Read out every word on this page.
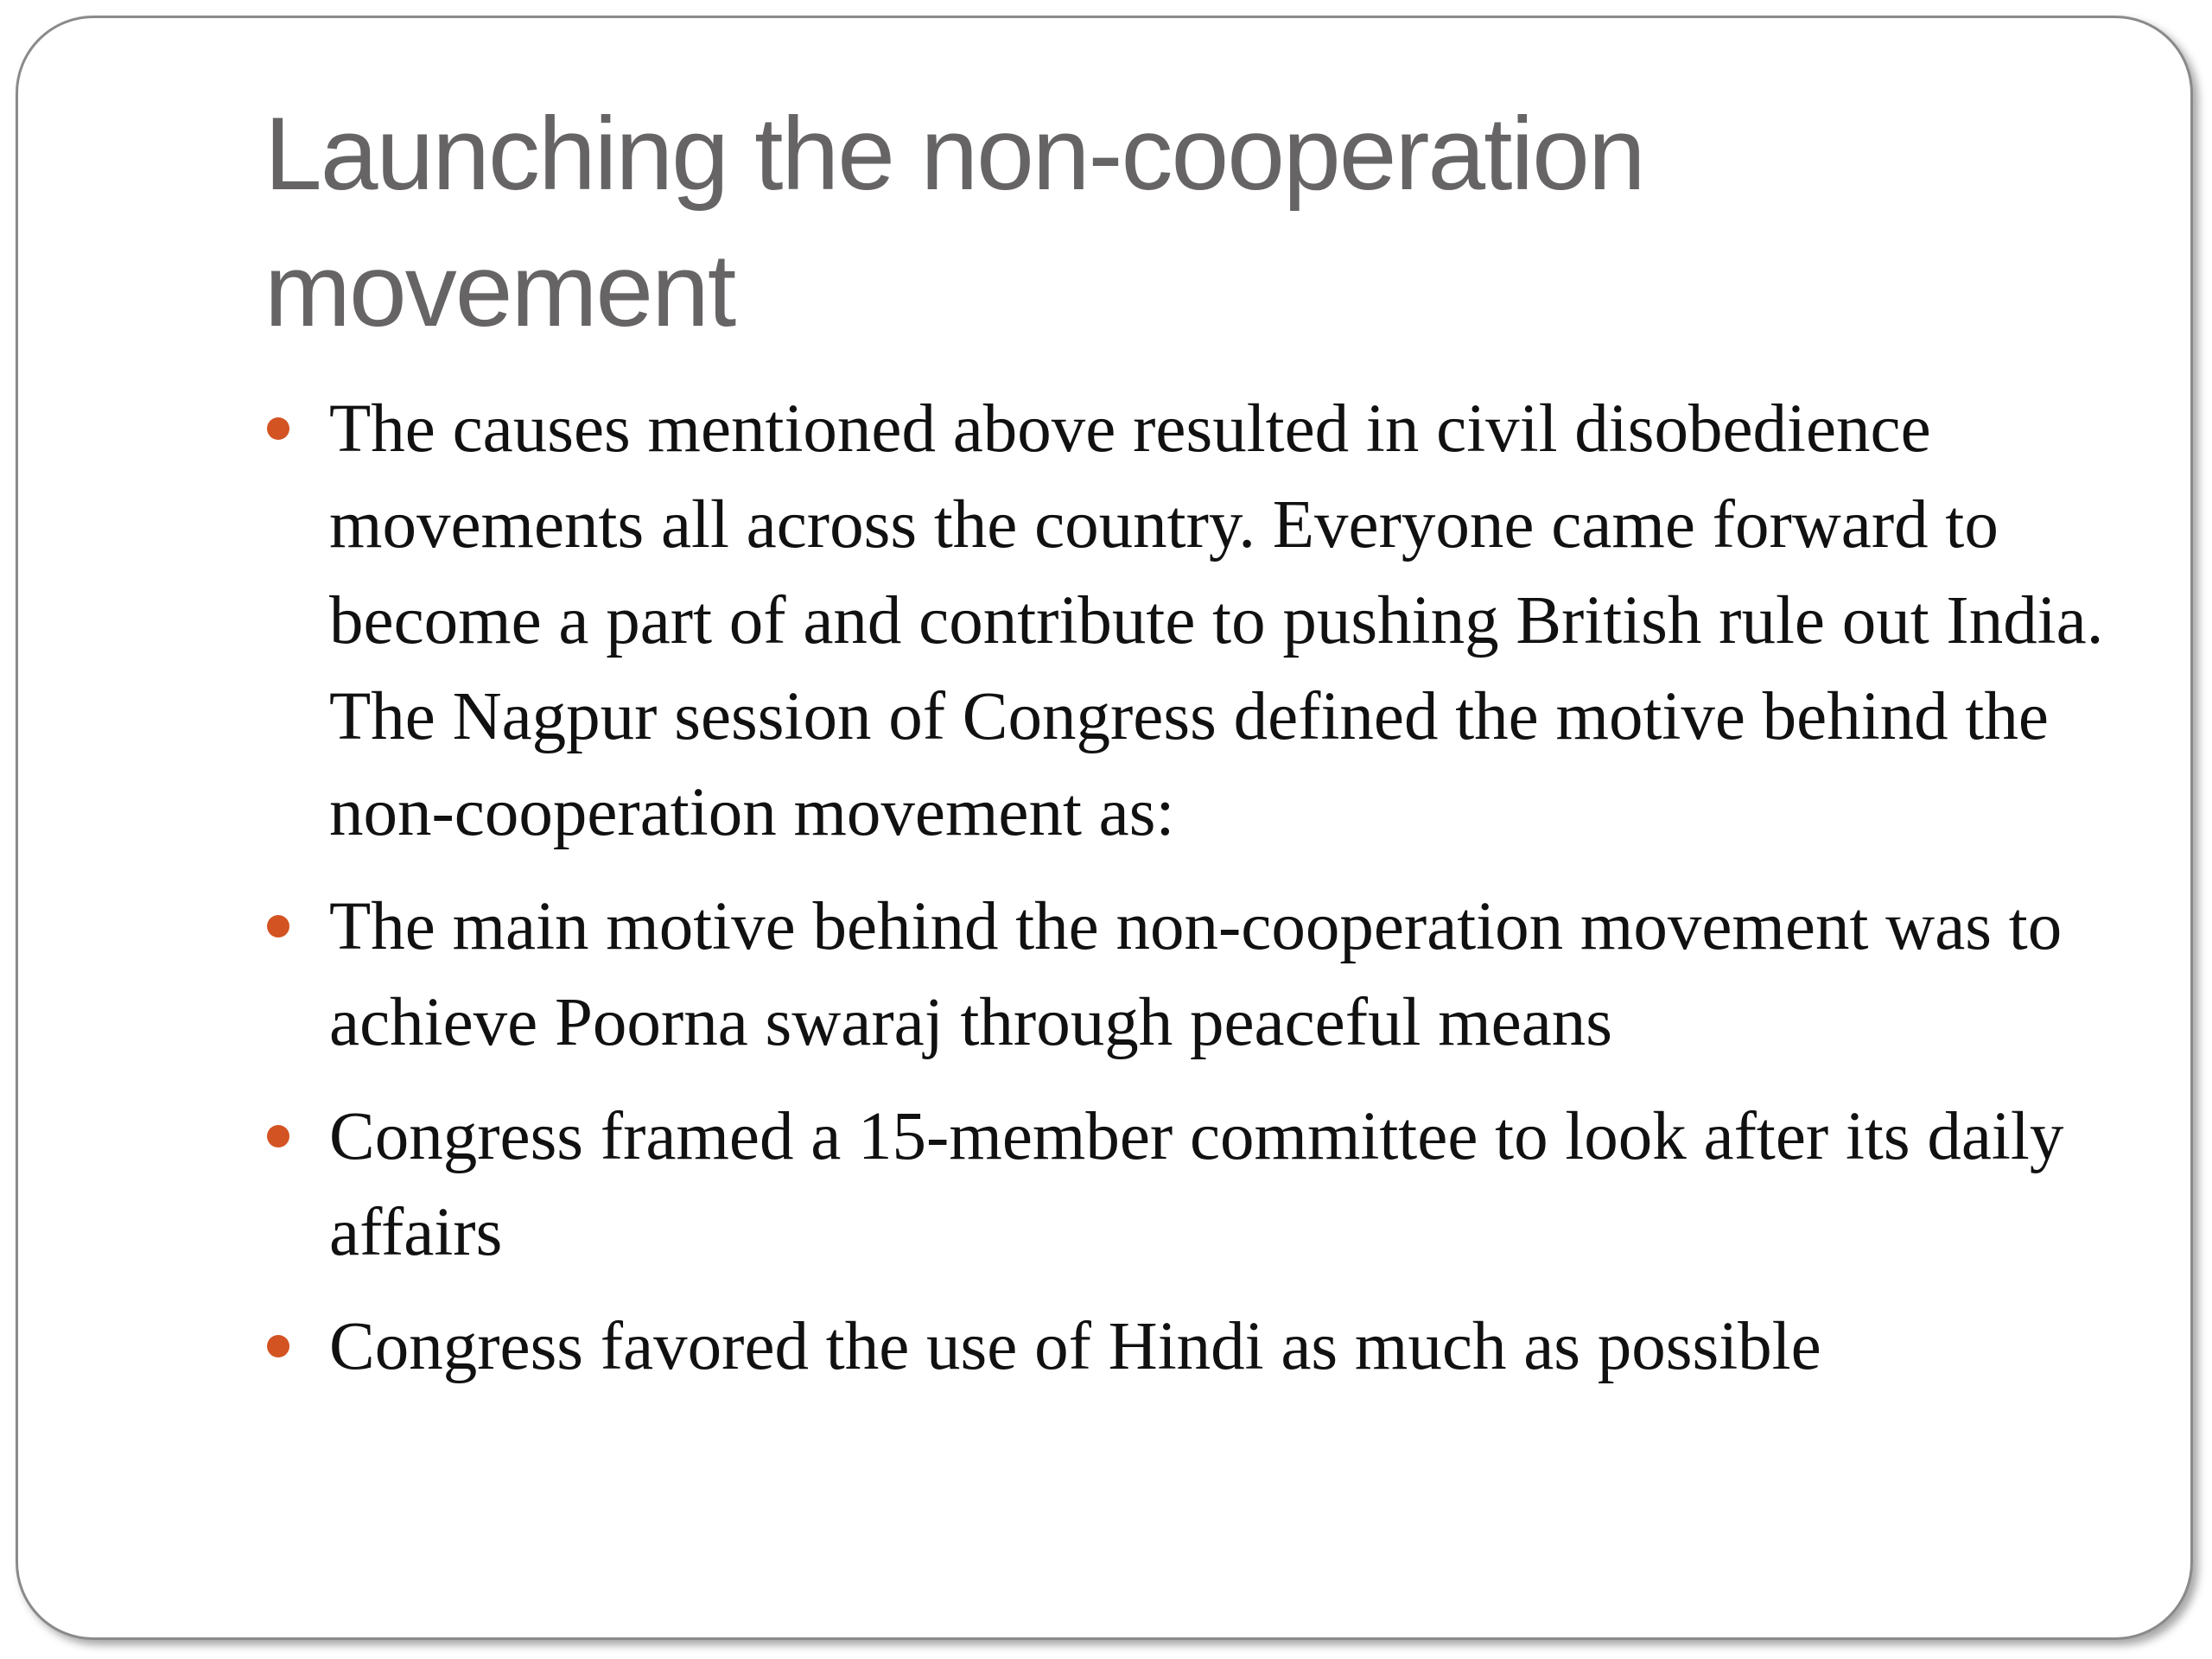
Launching the non-cooperation movement
The causes mentioned above resulted in civil disobedience movements all across the country. Everyone came forward to become a part of and contribute to pushing British rule out India. The Nagpur session of Congress defined the motive behind the non-cooperation movement as:
The main motive behind the non-cooperation movement was to achieve Poorna swaraj through peaceful means
Congress framed a 15-member committee to look after its daily affairs
Congress favored the use of Hindi as much as possible
